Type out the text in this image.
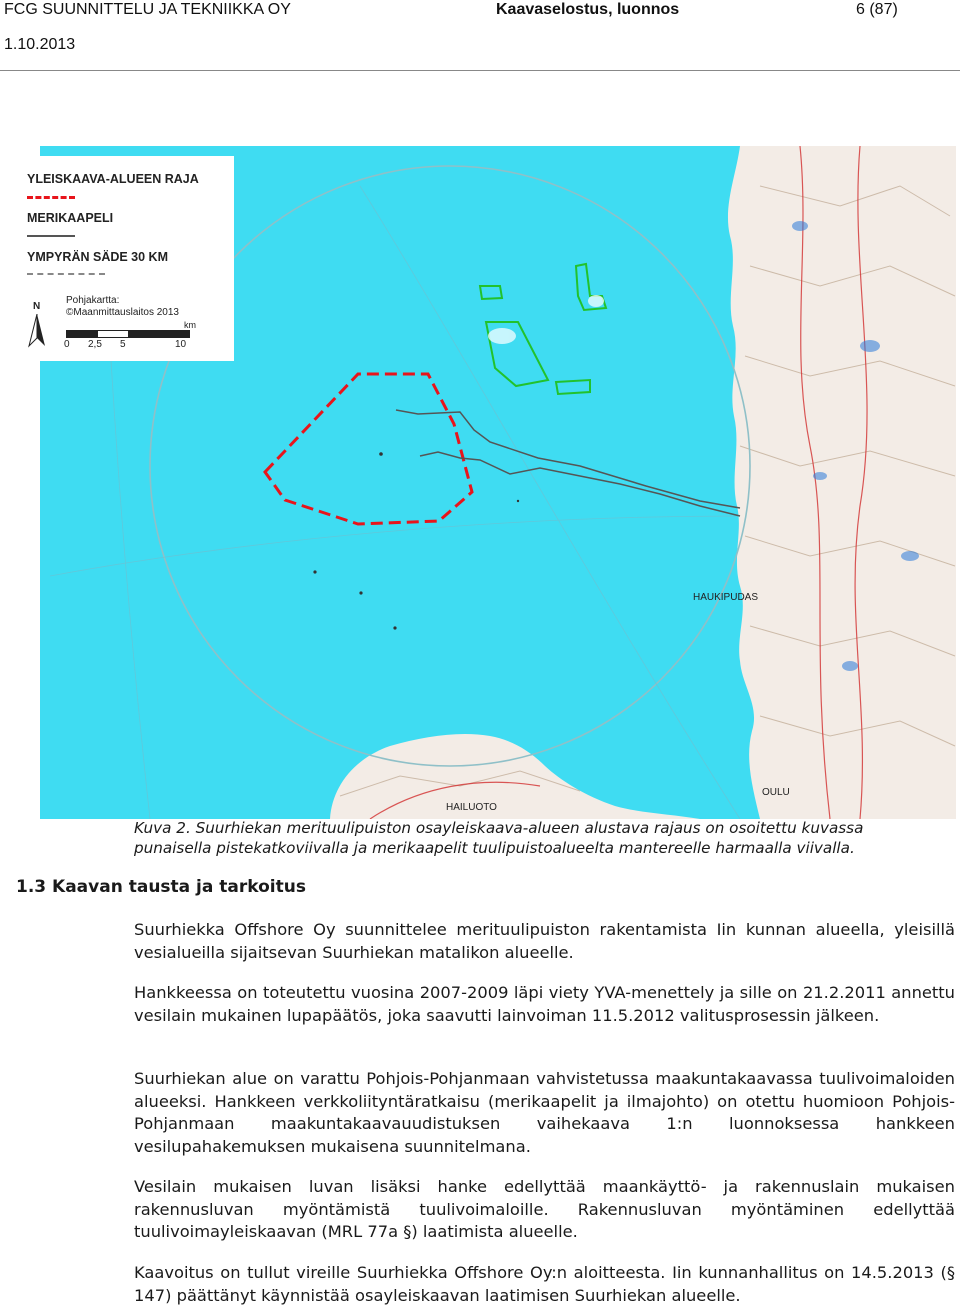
FCG SUUNNITTELU JA TEKNIIKKA OY	Kaavaselostus, luonnos	6 (87)
1.10.2013
HAUKIPUDAS
OULU
HAILUOTO
YLEISKAAVA-ALUEEN RAJA
MERIKAAPELI
YMPYRÄN SÄDE 30 KM
N
Pohjakartta:
©Maanmittauslaitos 2013
km
0 2,5 5	10
Kuva 2. Suurhiekan merituulipuiston osayleiskaava-alueen alustava rajaus on osoitettu kuvassa punaisella pistekatkoviivalla ja merikaapelit tuulipuistoalueelta mantereelle harmaalla viivalla.
1.3 Kaavan tausta ja tarkoitus
Suurhiekka Offshore Oy suunnittelee merituulipuiston rakentamista Iin kunnan alueella, yleisillä vesialueilla sijaitsevan Suurhiekan matalikon alueelle.
Hankkeessa on toteutettu vuosina 2007-2009 läpi viety YVA-menettely ja sille on 21.2.2011 annettu vesilain mukainen lupapäätös, joka saavutti lainvoiman 11.5.2012 valitusprosessin jälkeen.
Suurhiekan alue on varattu Pohjois-Pohjanmaan vahvistetussa maakuntakaavassa tuulivoimaloiden alueeksi. Hankkeen verkkoliityntäratkaisu (merikaapelit ja ilmajohto) on otettu huomioon Pohjois-Pohjanmaan maakuntakaavauudistuksen vaihekaava 1:n luonnoksessa hankkeen vesilupahakemuksen mukaisena suunnitelmana.
Vesilain mukaisen luvan lisäksi hanke edellyttää maankäyttö- ja rakennuslain mukaisen rakennusluvan myöntämistä tuulivoimaloille. Rakennusluvan myöntäminen edellyttää tuulivoimayleiskaavan (MRL 77a §) laatimista alueelle.
Kaavoitus on tullut vireille Suurhiekka Offshore Oy:n aloitteesta. Iin kunnanhallitus on 14.5.2013 (§ 147) päättänyt käynnistää osayleiskaavan laatimisen Suurhiekan alueelle.
